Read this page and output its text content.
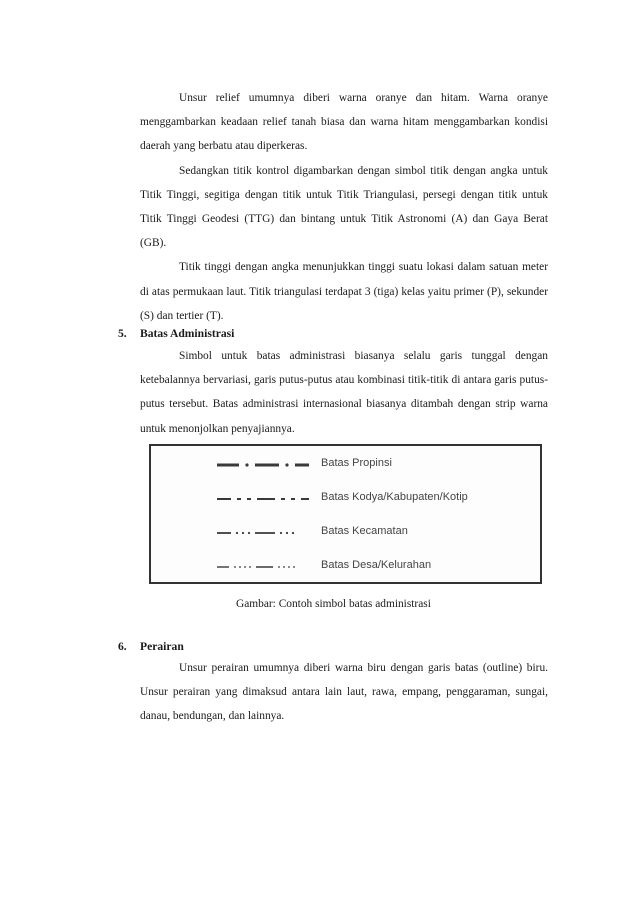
Unsur relief umumnya diberi warna oranye dan hitam. Warna oranye menggambarkan keadaan relief tanah biasa dan warna hitam menggambarkan kondisi daerah yang berbatu atau diperkeras.

Sedangkan titik kontrol digambarkan dengan simbol titik dengan angka untuk Titik Tinggi, segitiga dengan titik untuk Titik Triangulasi, persegi dengan titik untuk Titik Tinggi Geodesi (TTG) dan bintang untuk Titik Astronomi (A) dan Gaya Berat (GB).

Titik tinggi dengan angka menunjukkan tinggi suatu lokasi dalam satuan meter di atas permukaan laut. Titik triangulasi terdapat 3 (tiga) kelas yaitu primer (P), sekunder (S) dan tertier (T).

5. Batas Administrasi

Simbol untuk batas administrasi biasanya selalu garis tunggal dengan ketebalannya bervariasi, garis putus-putus atau kombinasi titik-titik di antara garis putus-putus tersebut. Batas administrasi internasional biasanya ditambah dengan strip warna untuk menonjolkan penyajiannya.

Batas Propinsi
Batas Kodya/Kabupaten/Kotip
Batas Kecamatan
Batas Desa/Kelurahan
Gambar: Contoh simbol batas administrasi
6. Perairan

Unsur perairan umumnya diberi warna biru dengan garis batas (outline) biru. Unsur perairan yang dimaksud antara lain laut, rawa, empang, penggaraman, sungai, danau, bendungan, dan lainnya.
